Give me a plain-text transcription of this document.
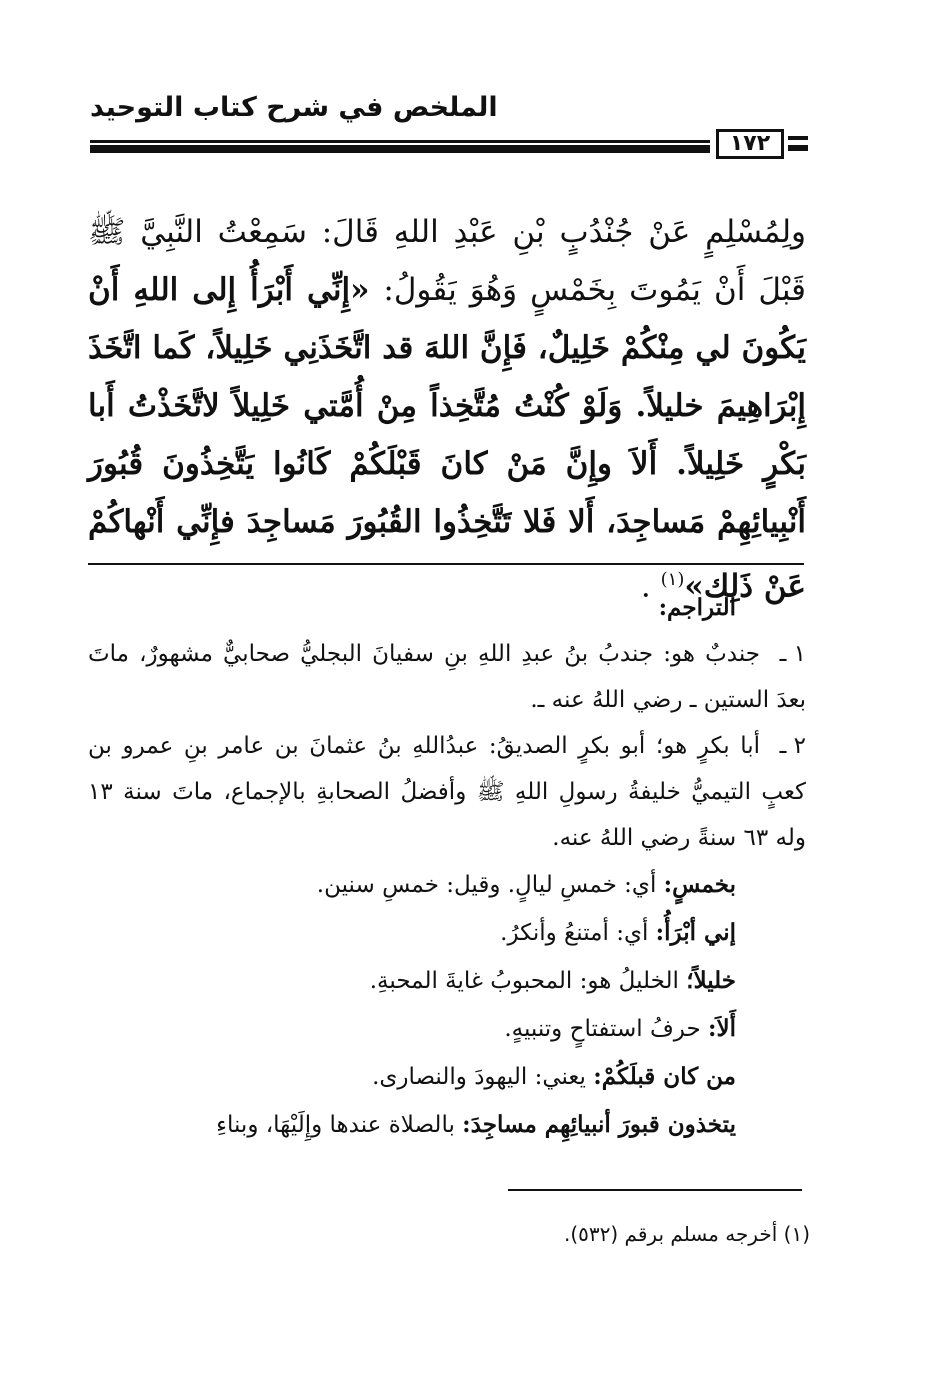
الملخص في شرح كتاب التوحيد
١٧٢
ولِمُسْلِمٍ عَنْ جُنْدُبٍ بْنِ عَبْدِ اللهِ قَالَ: سَمِعْتُ النَّبِيَّ ﷺ قَبْلَ أَنْ يَمُوتَ بِخَمْسٍ وَهُوَ يَقُولُ: «إِنِّي أَبْرَأُ إِلى اللهِ أَنْ يَكُونَ لي مِنْكُمْ خَلِيلٌ، فَإِنَّ اللهَ قد اتَّخَذَنِي خَلِيلاً، كَما اتَّخَذَ إِبْرَاهِيمَ خليلاً. وَلَوْ كُنْتُ مُتَّخِذاً مِنْ أُمَّتي خَلِيلاً لاتَّخَذْتُ أَبا بَكْرٍ خَلِيلاً. أَلاَ وإِنَّ مَنْ كانَ قَبْلَكُمْ كَانُوا يَتَّخِذُونَ قُبُورَ أَنْبِيائِهِمْ مَساجِدَ، أَلا فَلا تَتَّخِذُوا القُبُورَ مَساجِدَ فإِنِّي أَنْهاكُمْ عَنْ ذَلِك»$^{(١)}$ .
التراجم:
١ ـجندبٌ هو: جندبُ بنُ عبدِ اللهِ بنِ سفيانَ البجليُّ صحابيٌّ مشهورٌ، ماتَ بعدَ الستين ـ رضي اللهُ عنه ـ.
٢ ـأبا بكرٍ هو؛ أبو بكرٍ الصديقُ: عبدُاللهِ بنُ عثمانَ بن عامر بنِ عمرو بن كعبٍ التيميُّ خليفةُ رسولِ اللهِ ﷺ وأفضلُ الصحابةِ بالإجماع، ماتَ سنة ١٣ وله ٦٣ سنةً رضي اللهُ عنه.
بخمسٍ: أي: خمسِ ليالٍ. وقيل: خمسِ سنين.
إني أبْرَأُ: أي: أمتنعُ وأنكرُ.
خليلاً؛ الخليلُ هو: المحبوبُ غايةَ المحبةِ.
أَلاَ: حرفُ استفتاحٍ وتنبيهٍ.
من كان قبلَكُمْ: يعني: اليهودَ والنصارى.
يتخذون قبورَ أنبيائِهِم مساجِدَ: بالصلاة عندها وإِلَيْهَا، وبناءِ
(١) أخرجه مسلم برقم (٥٣٢).
